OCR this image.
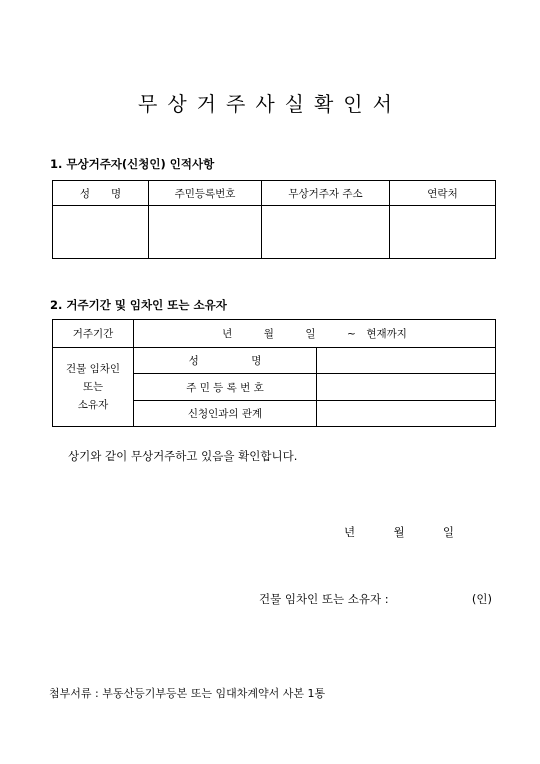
무상거주사실확인서
1. 무상거주자(신청인) 인적사항
성　　명	주민등록번호	무상거주자 주소	연락처

2. 거주기간 및 임차인 또는 소유자
거주기간	년　　　월　　　일　　　~　현재까지	
건물 임차인
또는
소유자	성　　　　　명	
	주 민 등 록 번 호	
	신청인과의 관계	
상기와 같이 무상거주하고 있음을 확인합니다.
년	월	일
건물 임차인 또는 소유자 :	(인)
첨부서류 : 부동산등기부등본 또는 임대차계약서 사본 1통
